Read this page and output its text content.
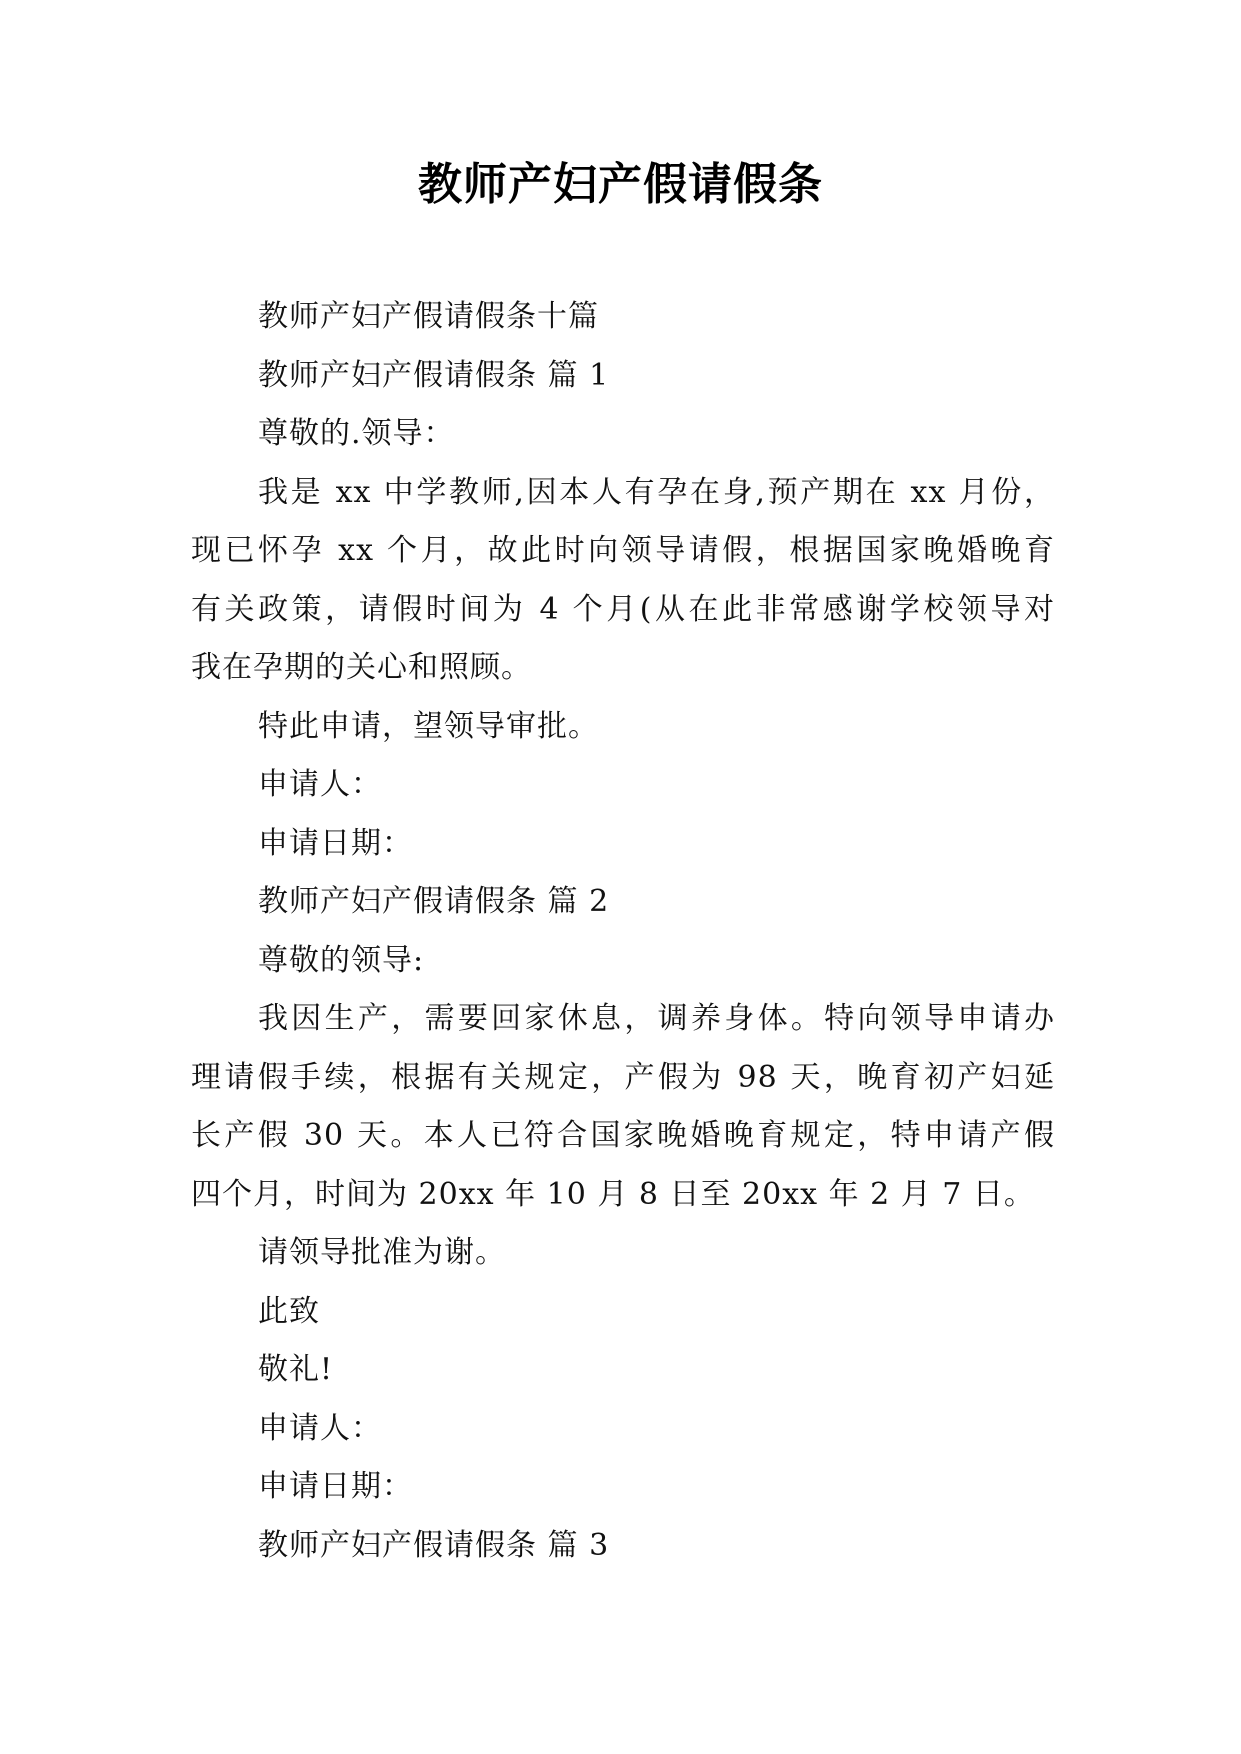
教师产妇产假请假条
教师产妇产假请假条十篇
教师产妇产假请假条 篇 1
尊敬的.领导：
我是 xx 中学教师,因本人有孕在身,预产期在 xx 月份，
现已怀孕 xx 个月，故此时向领导请假，根据国家晚婚晚育
有关政策，请假时间为 4 个月(从在此非常感谢学校领导对
我在孕期的关心和照顾。
特此申请，望领导审批。
申请人：
申请日期：
教师产妇产假请假条 篇 2
尊敬的领导:
我因生产，需要回家休息，调养身体。特向领导申请办
理请假手续，根据有关规定，产假为 98 天，晚育初产妇延
长产假 30 天。本人已符合国家晚婚晚育规定，特申请产假
四个月，时间为 20xx 年 10 月 8 日至 20xx 年 2 月 7 日。
请领导批准为谢。
此致
敬礼!
申请人：
申请日期：
教师产妇产假请假条 篇 3
